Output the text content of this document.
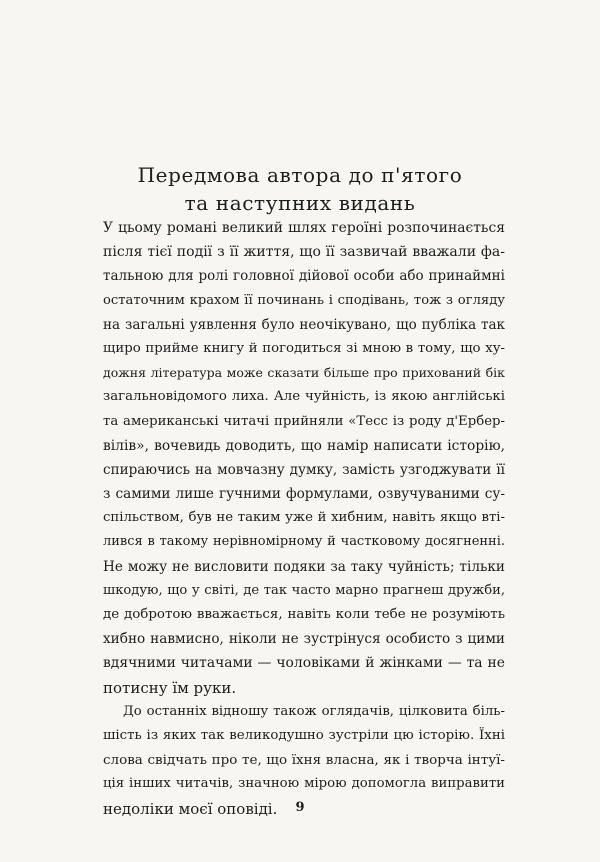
Передмова автора до п'ятого
та наступних видань
У цьому романі великий шлях героїні розпочинається
після тієї події з її життя, що її зазвичай вважали фа-
тальною для ролі головної дійової особи або принаймні
остаточним крахом її починань і сподівань, тож з огляду
на загальні уявлення було неочікувано, що публіка так
щиро прийме книгу й погодиться зі мною в тому, що ху-
дожня література може сказати більше про прихований бік
загальновідомого лиха. Але чуйність, із якою англійські
та американські читачі прийняли «Тесс із роду д'Ербер-
вілів», вочевидь доводить, що намір написати історію,
спираючись на мовчазну думку, замість узгоджувати її
з самими лише гучними формулами, озвучуваними су-
спільством, був не таким уже й хибним, навіть якщо вті-
лився в такому нерівномірному й частковому досягненні.
Не можу не висловити подяки за таку чуйність; тільки
шкодую, що у світі, де так часто марно прагнеш дружби,
де добротою вважається, навіть коли тебе не розуміють
хибно навмисно, ніколи не зустрінуся особисто з цими
вдячними читачами — чоловіками й жінками — та не
потисну їм руки.
До останніх відношу також оглядачів, цілковита біль-
шість із яких так великодушно зустріли цю історію. Їхні
слова свідчать про те, що їхня власна, як і творча інтуї-
ція інших читачів, значною мірою допомогла виправити
недоліки моєї оповіді.	9
